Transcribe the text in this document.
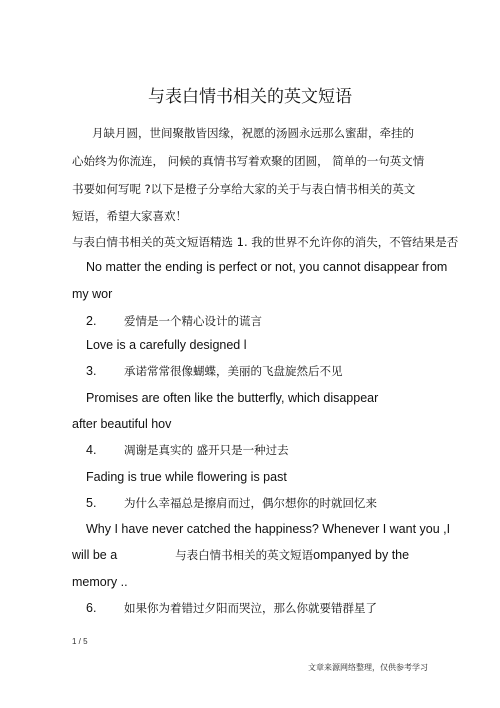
与表白情书相关的英文短语
月缺月圆，世间聚散皆因缘，祝愿的汤圆永远那么蜜甜，牵挂的
心始终为你流连， 问候的真情书写着欢聚的团圆， 简单的一句英文情
书要如何写呢 ?以下是橙子分享给大家的关于与表白情书相关的英文
短语，希望大家喜欢！
与表白情书相关的英文短语精选 1. 我的世界不允许你的消失，不管结果是否
No matter the ending is perfect or not, you cannot disappear from
my wor
2. 爱情是一个精心设计的谎言
Love is a carefully designed l
3. 承诺常常很像蝴蝶，美丽的飞盘旋然后不见
Promises are often like the butterfly, which disappear
after beautiful hov
4. 凋谢是真实的 盛开只是一种过去
Fading is true while flowering is past
5. 为什么幸福总是擦肩而过，偶尔想你的时就回忆来
Why I have never catched the happiness? Whenever I want you ,I
will be a	与表白情书相关的英文短语ompanyed by the
memory ..
6. 如果你为着错过夕阳而哭泣，那么你就要错群星了
1 / 5
文章来源网络整理，仅供参考学习
